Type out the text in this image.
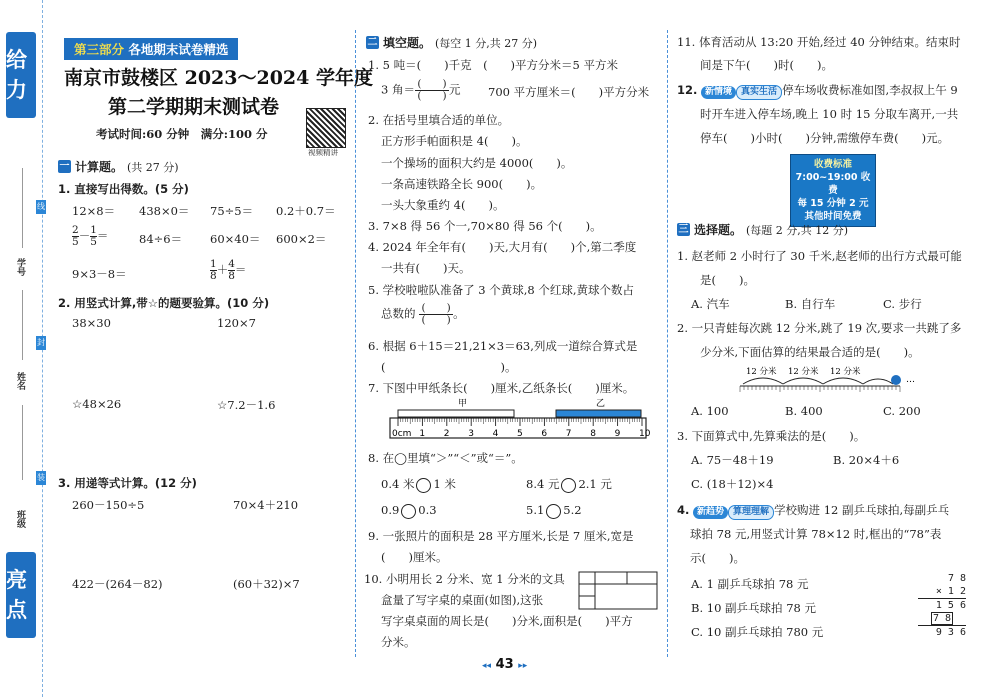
给力
学号
姓名
班级
线
封
装
亮点
第三部分 各地期末试卷精选
南京市鼓楼区 2023～2024 学年度
第二学期期末测试卷
视频精讲
考试时间:60 分钟　满分:100 分
一 计算题。 (共 27 分)
1. 直接写出得数。(5 分)
12×8＝ 438×0＝ 75÷5＝ 0.2＋0.7＝
$\frac{2}{5} - \frac{1}{5}$ ＝	84÷6＝ 60×40＝ 600×2＝
9×3－8＝	$\frac{1}{8} + \frac{4}{8}$ ＝
2. 用竖式计算,带☆的题要验算。(10 分)
38×30	120×7
☆48×26	☆7.2－1.6
3. 用递等式计算。(12 分)
260－150÷5	70×4＋210
422－(264－82)	(60＋32)×7
二 填空题。 (每空 1 分,共 27 分)
1. 5 吨＝(　　)千克　(　　)平方分米＝5 平方米
3 角＝ $\frac{( )}{( )}$ 元 700 平方厘米＝(　　)平方分米
2. 在括号里填合适的单位。
正方形手帕面积是 4(　　)。
一个操场的面积大约是 4000(　　)。
一条高速铁路全长 900(　　)。
一头大象重约 4(　　)。
3. 7×8 得 56 个一,70×80 得 56 个(　　)。
4. 2024 年全年有(　　)天,大月有(　　)个,第二季度
一共有(　　)天。
5. 学校啦啦队准备了 3 个黄球,8 个红球,黄球个数占
总数的 $\frac{( )}{( )}$ 。
6. 根据 6＋15＝21,21×3＝63,列成一道综合算式是
(　　　　　　　　　　)。
7. 下图中甲纸条长(　　)厘米,乙纸条长(　　)厘米。
甲	乙
0cm 1 2 3 4 5 6 7 8 9 10
8. 在◯里填“＞”“＜”或“＝”。
0.4 米 1 米	8.4 元 2.1 元
0.9 0.3	5.1 5.2
9. 一张照片的面积是 28 平方厘米,长是 7 厘米,宽是
(　　)厘米。
10. 小明用长 2 分米、宽 1 分米的文具
盒量了写字桌的桌面(如图),这张
写字桌桌面的周长是(　　)分米,面积是(　　)平方
分米。
11. 体育活动从 13:20 开始,经过 40 分钟结束。结束时
间是下午(　　)时(　　)。
12. 新情境 真实生活 停车场收费标准如图,李叔叔上午 9
时开车进入停车场,晚上 10 时 15 分取车离开,一共
停车(　　)小时(　　)分钟,需缴停车费(　　)元。
收费标准
7:00~19:00 收费
每 15 分钟 2 元
其他时间免费
三 选择题。 (每题 2 分,共 12 分)
1. 赵老师 2 小时行了 30 千米,赵老师的出行方式最可能
是(　　)。
A. 汽车	B. 自行车	C. 步行
2. 一只青蛙每次跳 12 分米,跳了 19 次,要求一共跳了多
少分米,下面估算的结果最合适的是(　　)。
12 分米 12 分米 12 分米
…
A. 100	B. 400	C. 200
3. 下面算式中,先算乘法的是(　　)。
A. 75－48＋19	B. 20×4＋6
C. (18＋12)×4
4. 新趋势 算理理解 学校购进 12 副乒乓球拍,每副乒乓
球拍 78 元,用竖式计算 78×12 时,框出的“78”表
示(　　)。
A. 1 副乒乓球拍 78 元
B. 10 副乒乓球拍 78 元
C. 10 副乒乓球拍 780 元
7 8
× 1 2
1 5 6
7 8
9 3 6
◂◂ 43 ▸▸
